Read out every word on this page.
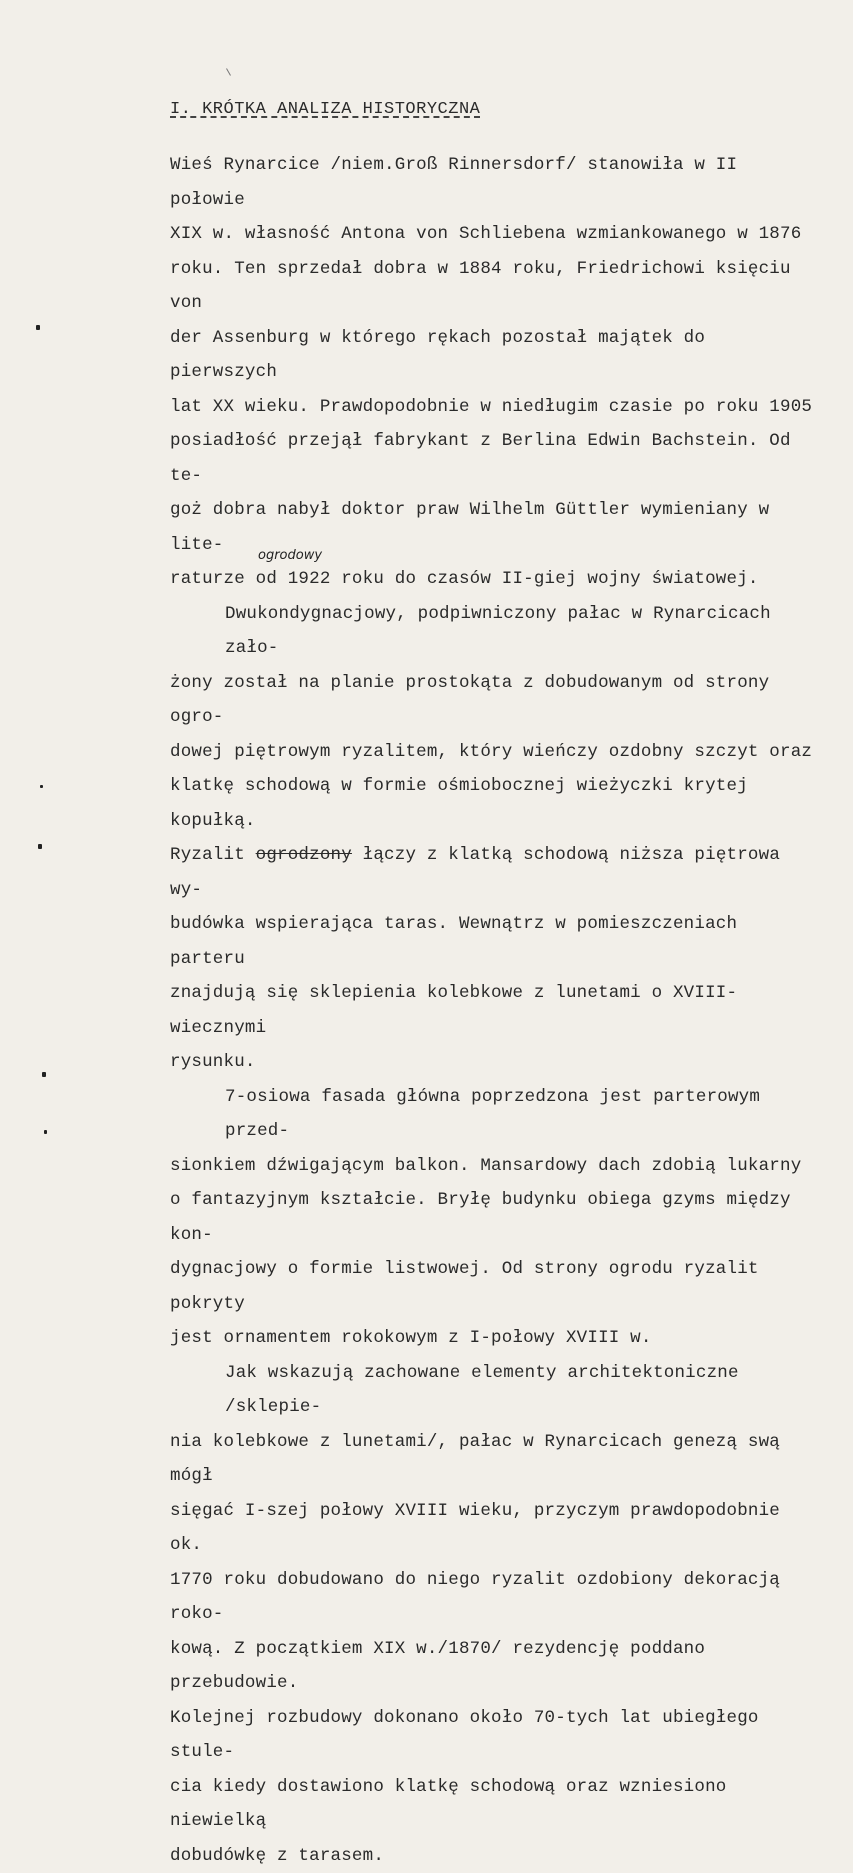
I. KRÓTKA ANALIZA HISTORYCZNA
ogrodowy

Wieś Rynarcice /niem.Groß Rinnersdorf/ stanowiła w II połowie

XIX w. własność Antona von Schliebena wzmiankowanego w 1876

roku. Ten sprzedał dobra w 1884 roku, Friedrichowi księciu von

der Assenburg w którego rękach pozostał majątek do pierwszych

lat XX wieku. Prawdopodobnie w niedługim czasie po roku 1905

posiadłość przejął fabrykant z Berlina Edwin Bachstein. Od te-

goż dobra nabył doktor praw Wilhelm Güttler wymieniany w lite-

raturze od 1922 roku do czasów II-giej wojny światowej.

Dwukondygnacjowy, podpiwniczony pałac w Rynarcicach zało-

żony został na planie prostokąta z dobudowanym od strony ogro-

dowej piętrowym ryzalitem, który wieńczy ozdobny szczyt oraz

klatkę schodową w formie ośmiobocznej wieżyczki krytej kopułką.

Ryzalit ogrodzony łączy z klatką schodową niższa piętrowa wy-

budówka wspierająca taras. Wewnątrz w pomieszczeniach parteru

znajdują się sklepienia kolebkowe z lunetami o XVIII-wiecznymi

rysunku.

7-osiowa fasada główna poprzedzona jest parterowym przed-

sionkiem dźwigającym balkon. Mansardowy dach zdobią lukarny

o fantazyjnym kształcie. Bryłę budynku obiega gzyms między kon-

dygnacjowy o formie listwowej. Od strony ogrodu ryzalit pokryty

jest ornamentem rokokowym z I-połowy XVIII w.

Jak wskazują zachowane elementy architektoniczne /sklepie-

nia kolebkowe z lunetami/, pałac w Rynarcicach genezą swą mógł

sięgać I-szej połowy XVIII wieku, przyczym prawdopodobnie ok.

1770 roku dobudowano do niego ryzalit ozdobiony dekoracją roko-

kową. Z początkiem XIX w./1870/ rezydencję poddano przebudowie.

Kolejnej rozbudowy dokonano około 70-tych lat ubiegłego stule-

cia kiedy dostawiono klatkę schodową oraz wzniesiono niewielką

dobudówkę z tarasem.
